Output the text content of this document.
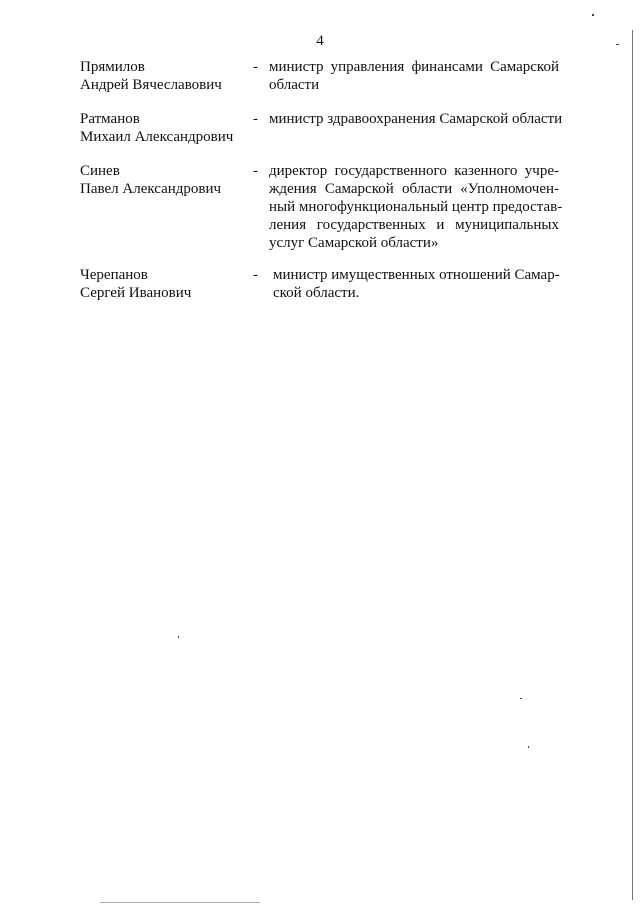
4
Прямилов
Андрей Вячеславович
- министр управления финансами Самарской
области
Ратманов
Михаил Александрович
- министр здравоохранения Самарской области
Синев
Павел Александрович
- директор государственного казенного учре-
ждения Самарской области «Уполномочен-
ный многофункциональный центр предостав-
ления государственных и муниципальных
услуг Самарской области»
Черепанов
Сергей Иванович
- министр имущественных отношений Самар-
ской области.
